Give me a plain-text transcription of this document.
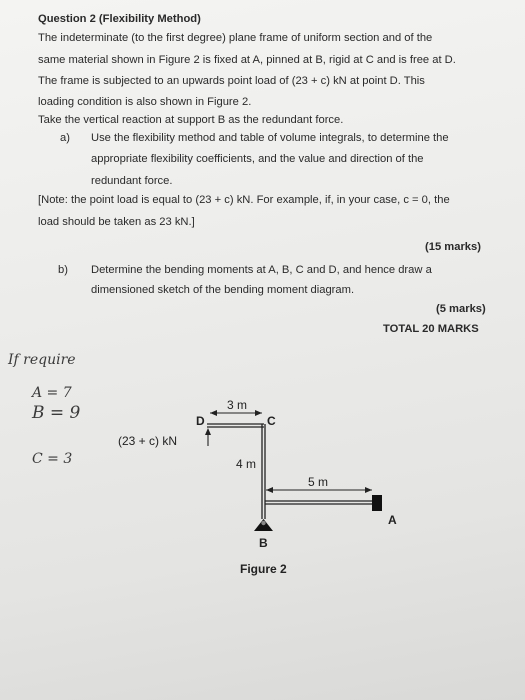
Question 2 (Flexibility Method)
The indeterminate (to the first degree) plane frame of uniform section and of the
same material shown in Figure 2 is fixed at A, pinned at B, rigid at C and is free at D.
The frame is subjected to an upwards point load of (23 + c) kN at point D. This
loading condition is also shown in Figure 2.
Take the vertical reaction at support B as the redundant force.
a) Use the flexibility method and table of volume integrals, to determine the
appropriate flexibility coefficients, and the value and direction of the
redundant force.
[Note: the point load is equal to (23 + c) kN. For example, if, in your case, c = 0, the
load should be taken as 23 kN.]
(15 marks)
b) Determine the bending moments at A, B, C and D, and hence draw a
dimensioned sketch of the bending moment diagram.
(5 marks)
TOTAL 20 MARKS
If require
A = 7
B = 9
C = 3
3 m
D	C
(23 + c) kN
4 m
5 m
A
B
Figure 2
